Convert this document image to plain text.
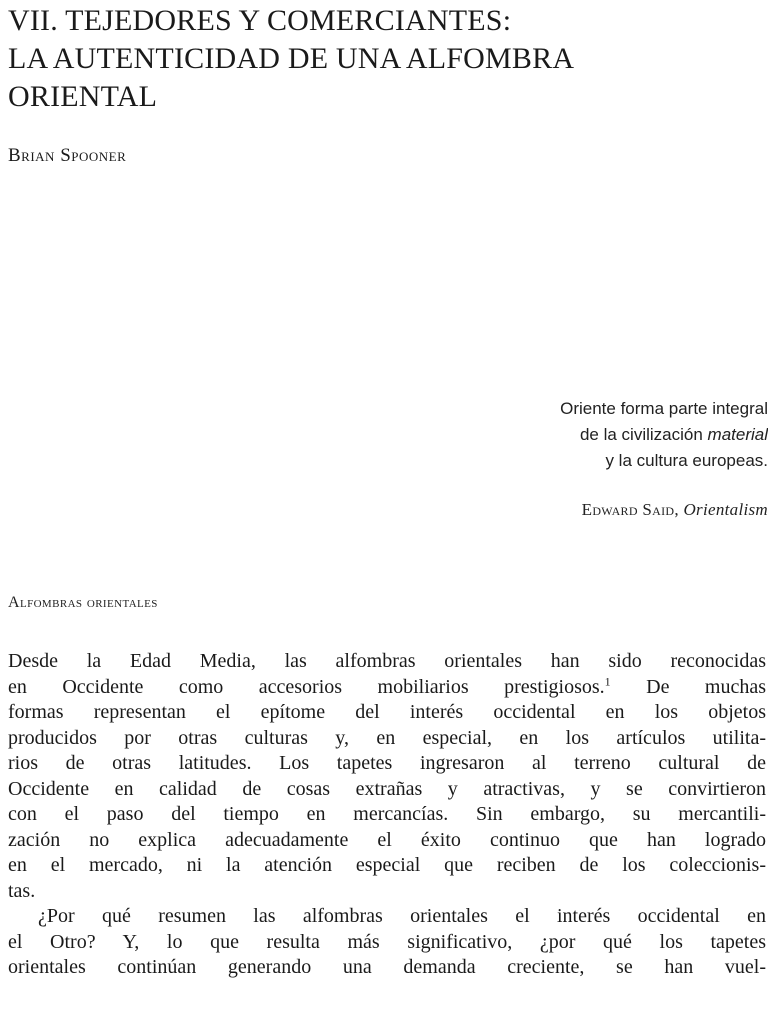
VII. TEJEDORES Y COMERCIANTES:
LA AUTENTICIDAD DE UNA ALFOMBRA
ORIENTAL
Brian Spooner
Oriente forma parte integral
de la civilización material
y la cultura europeas.
Edward Said, Orientalism
Alfombras orientales
Desde la Edad Media, las alfombras orientales han sido reconocidas
en Occidente como accesorios mobiliarios prestigiosos.$^1$ De muchas
formas representan el epítome del interés occidental en los objetos
producidos por otras culturas y, en especial, en los artículos utilita-
rios de otras latitudes. Los tapetes ingresaron al terreno cultural de
Occidente en calidad de cosas extrañas y atractivas, y se convirtieron
con el paso del tiempo en mercancías. Sin embargo, su mercantili-
zación no explica adecuadamente el éxito continuo que han logrado
en el mercado, ni la atención especial que reciben de los coleccionis-
tas.
¿Por qué resumen las alfombras orientales el interés occidental en
el Otro? Y, lo que resulta más significativo, ¿por qué los tapetes
orientales continúan generando una demanda creciente, se han vuel-
